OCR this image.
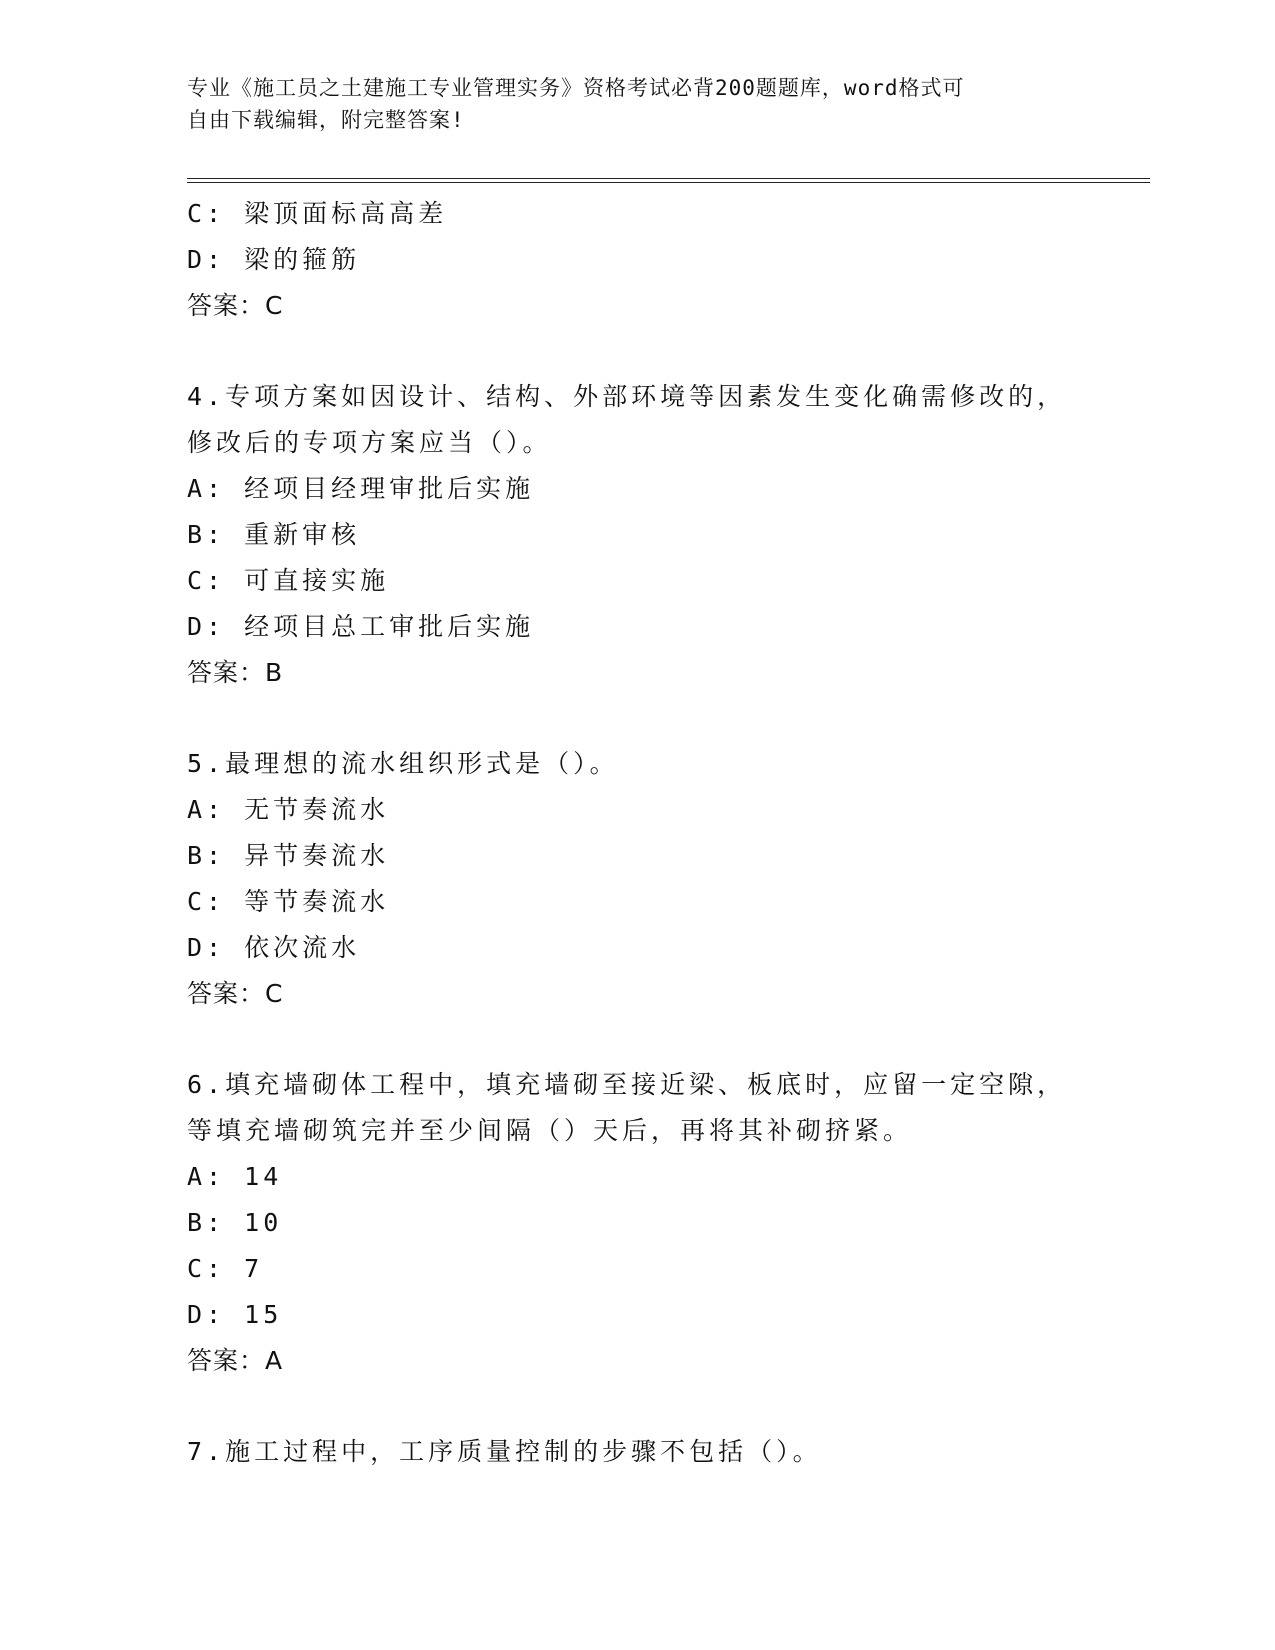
专业《施工员之土建施工专业管理实务》资格考试必背200题题库，word格式可
自由下载编辑，附完整答案!
C: 梁顶面标高高差
D: 梁的箍筋
答案：C
4.专项方案如因设计、结构、外部环境等因素发生变化确需修改的，
修改后的专项方案应当（）。
A: 经项目经理审批后实施
B: 重新审核
C: 可直接实施
D: 经项目总工审批后实施
答案：B
5.最理想的流水组织形式是（）。
A: 无节奏流水
B: 异节奏流水
C: 等节奏流水
D: 依次流水
答案：C
6.填充墙砌体工程中，填充墙砌至接近梁、板底时，应留一定空隙，
等填充墙砌筑完并至少间隔（）天后，再将其补砌挤紧。
A: 14
B: 10
C: 7
D: 15
答案：A
7.施工过程中，工序质量控制的步骤不包括（）。
